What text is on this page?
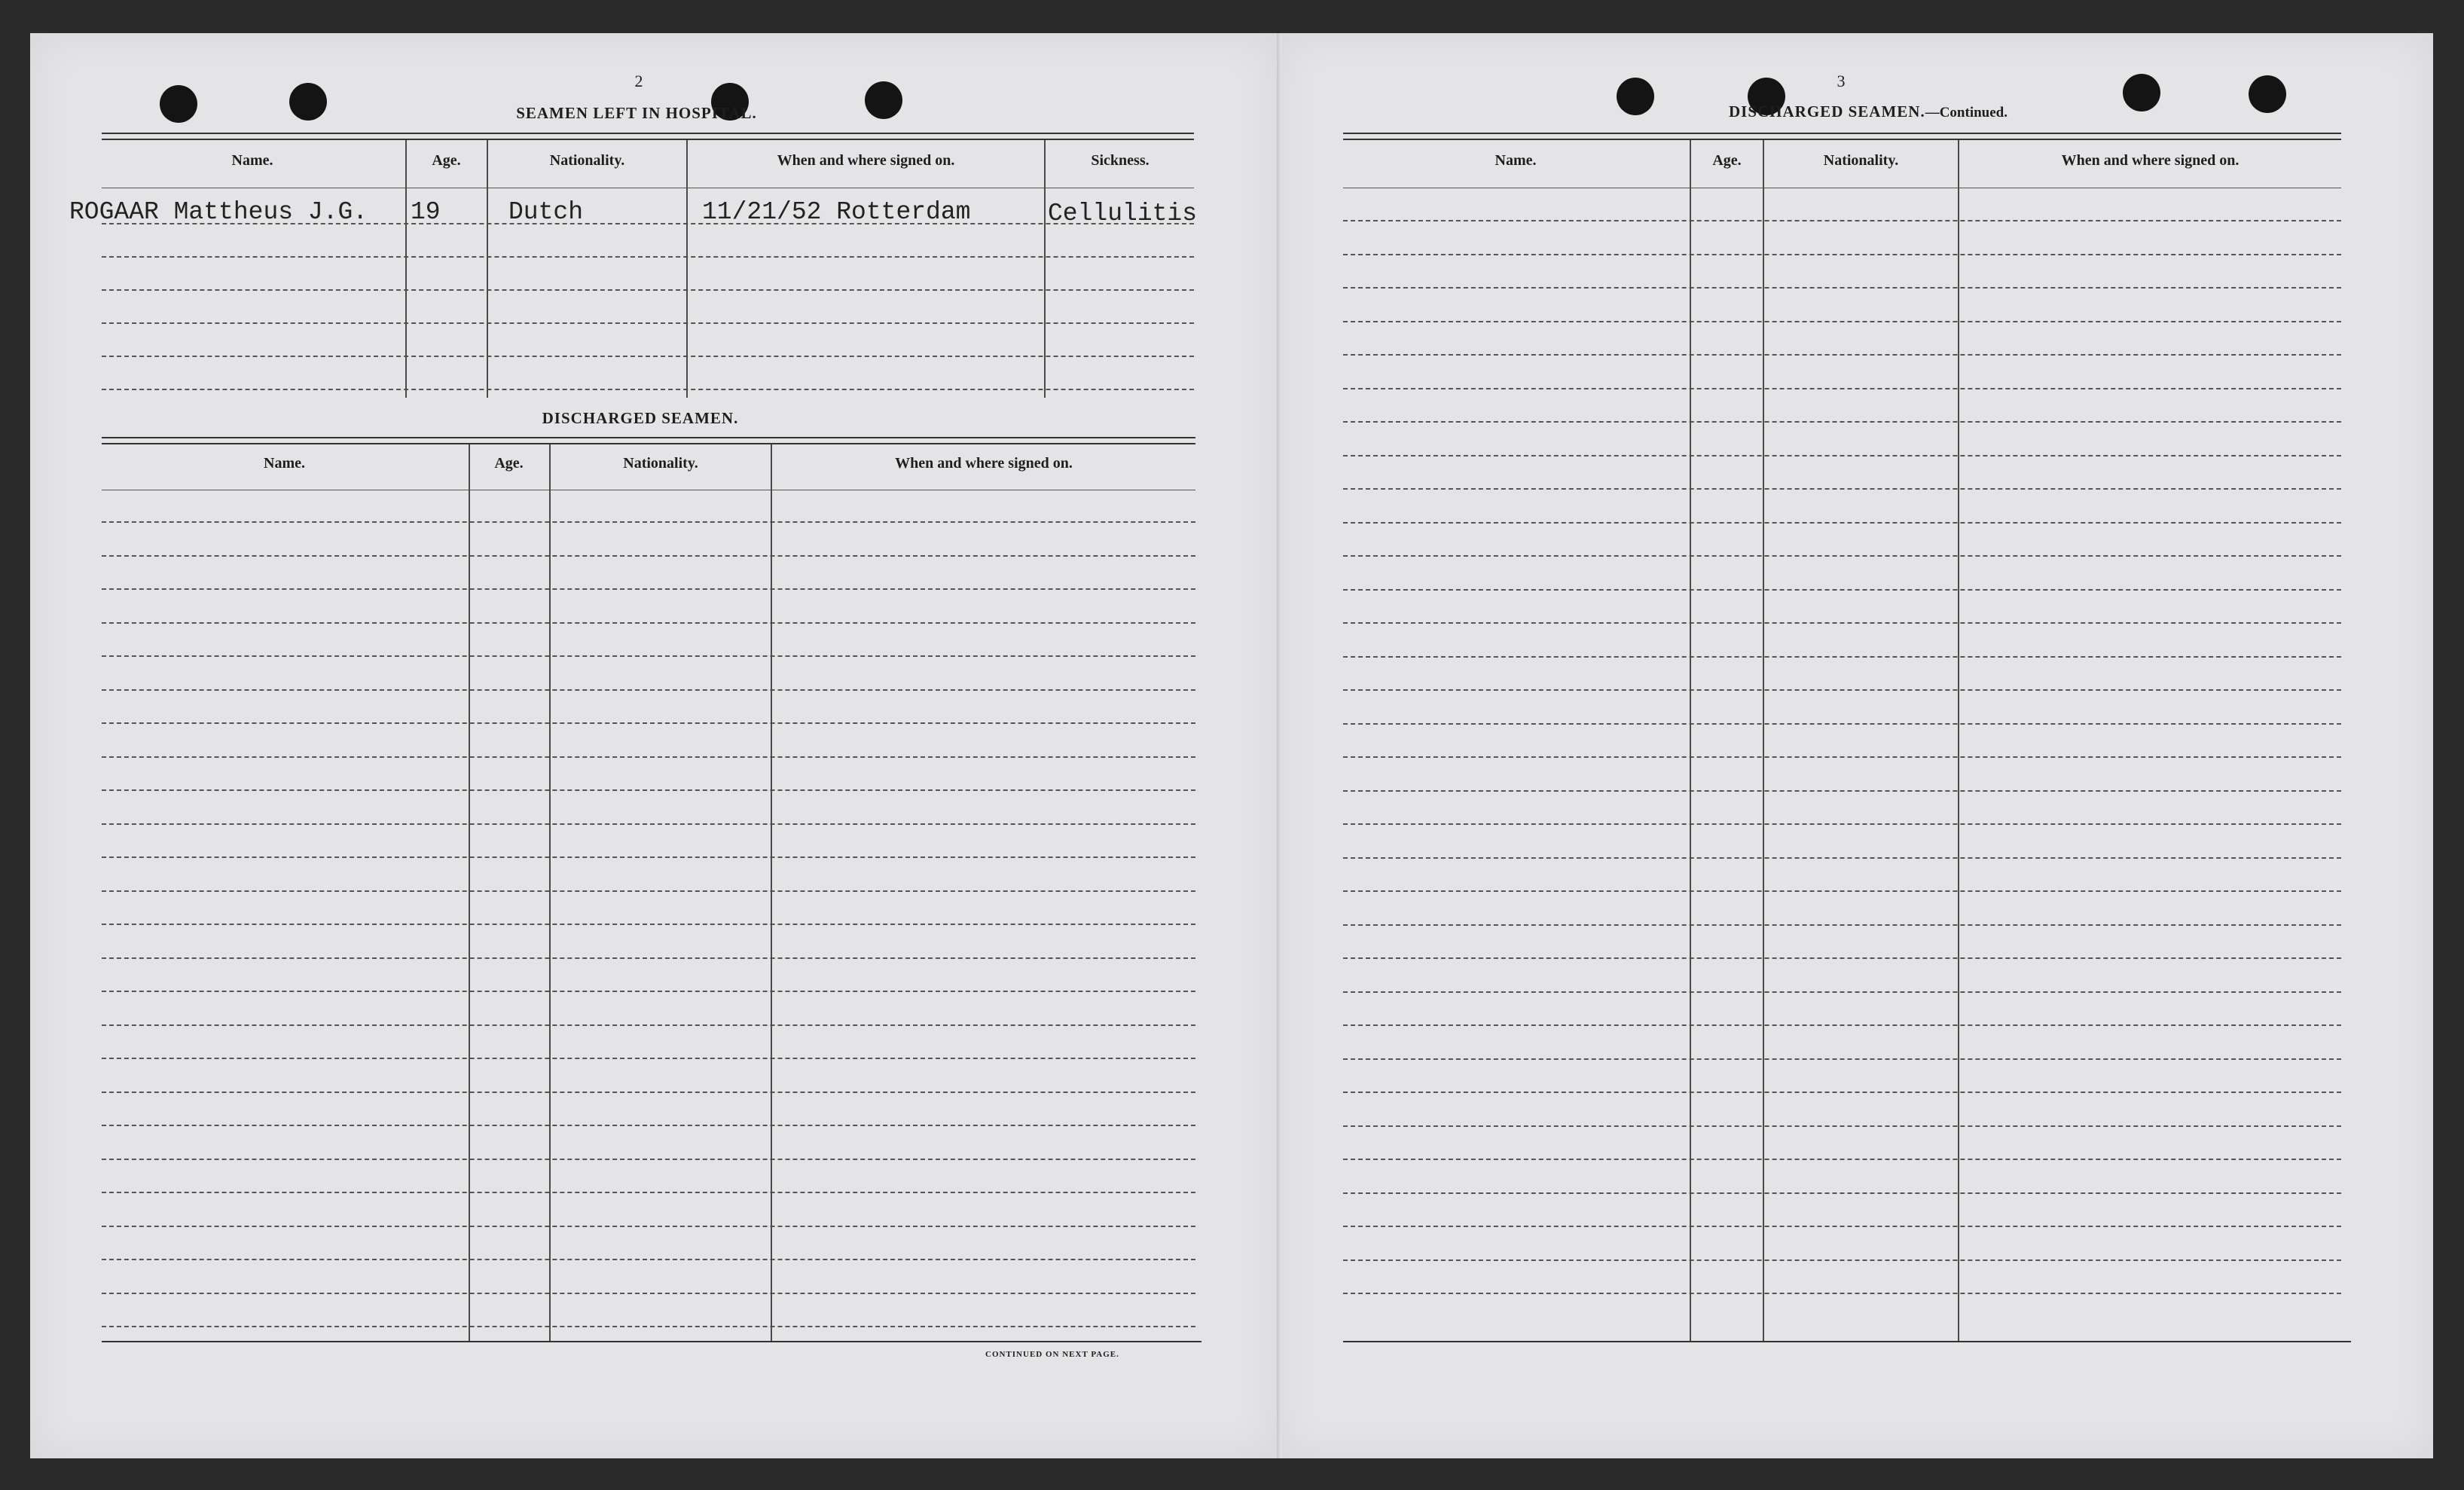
2
SEAMEN LEFT IN HOSPITAL.
Name.	Age.	Nationality.	When and where signed on.	Sickness.
ROGAAR Mattheus J.G. 19	Dutch	11/21/52 Rotterdam	Cellulitis
DISCHARGED SEAMEN.
Name.	Age.	Nationality.	When and where signed on.
CONTINUED ON NEXT PAGE.
3
DISCHARGED SEAMEN.—Continued.
Name.	Age.	Nationality.	When and where signed on.
